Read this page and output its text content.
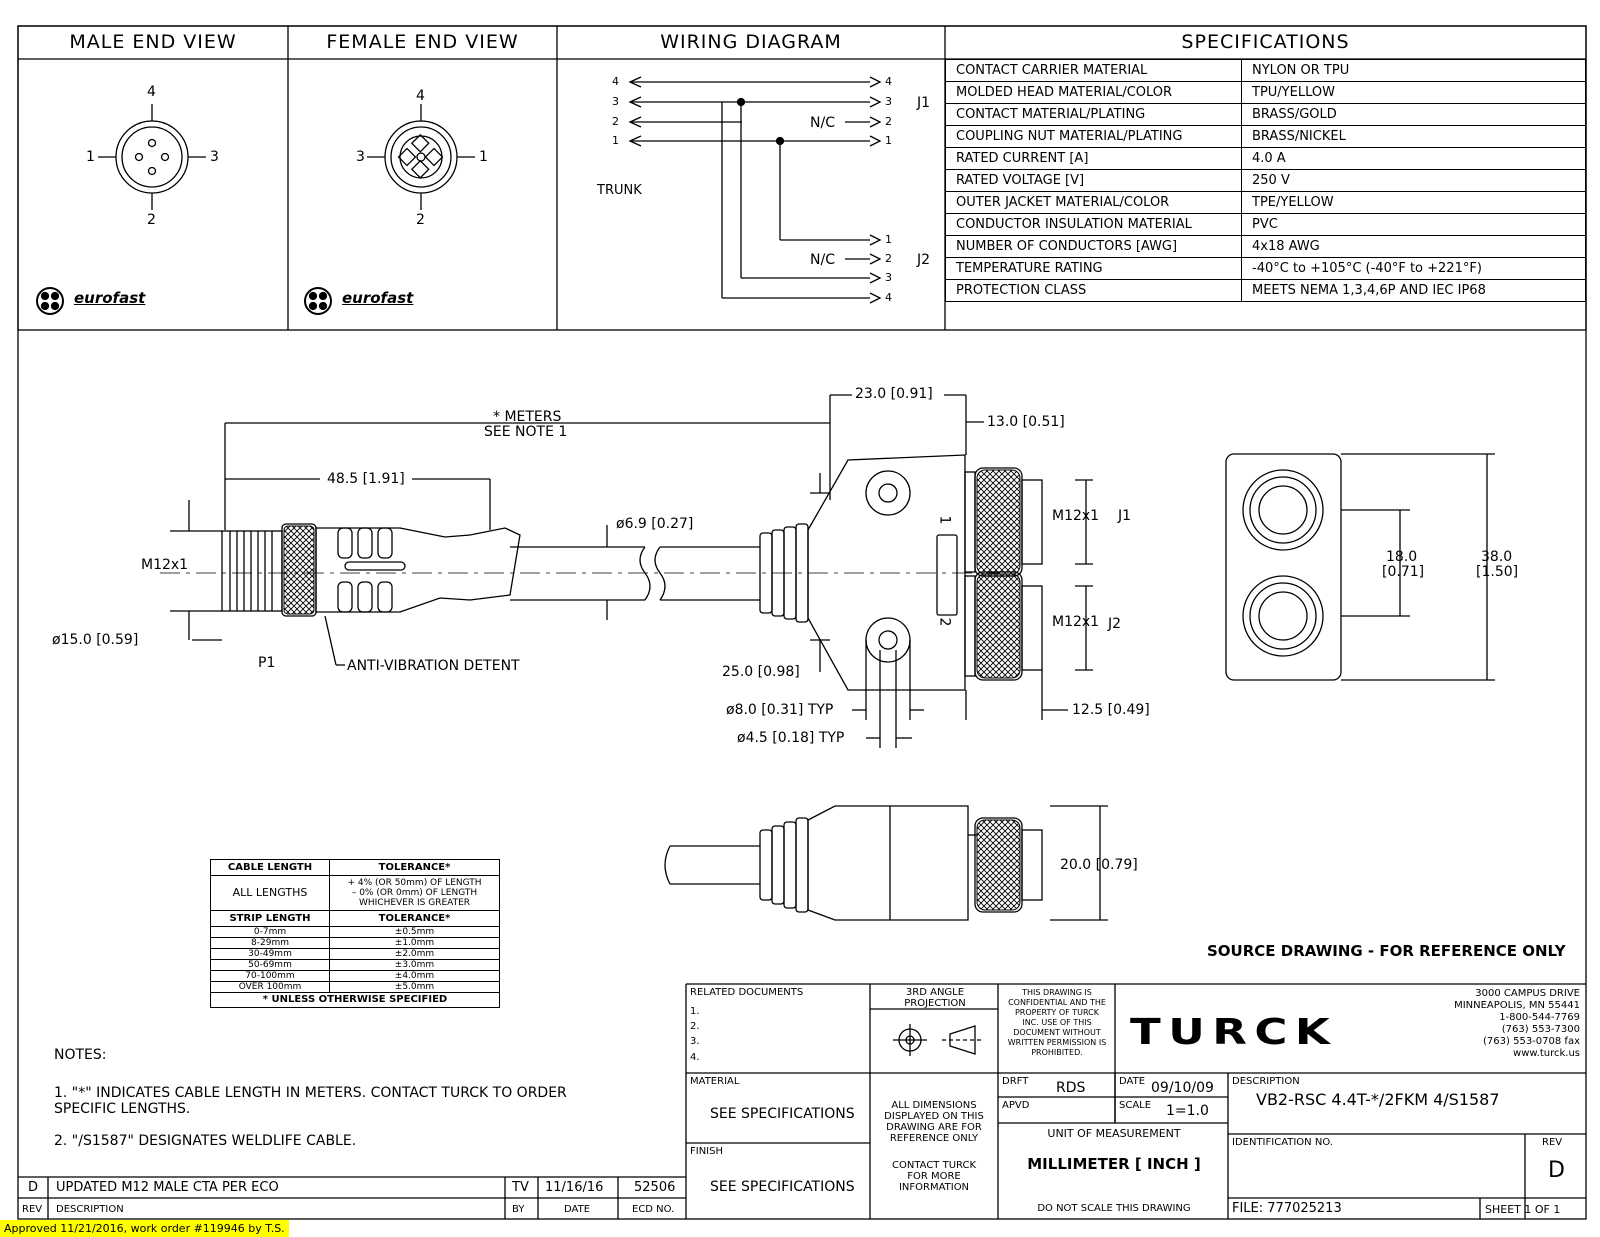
MALE END VIEW	FEMALE END VIEW	WIRING DIAGRAM	SPECIFICATIONS
4
1	3
2
4
3	1
2
eurofast	eurofast
4
3
2
1
4
3
2
1
1
2
3
4
J1
J2
N/C
N/C
TRUNK
CONTACT CARRIER MATERIAL	NYLON OR TPU
MOLDED HEAD MATERIAL/COLOR	TPU/YELLOW
CONTACT MATERIAL/PLATING	BRASS/GOLD
COUPLING NUT MATERIAL/PLATING	BRASS/NICKEL
RATED CURRENT [A]	4.0 A
RATED VOLTAGE [V]	250 V
OUTER JACKET MATERIAL/COLOR	TPE/YELLOW
CONDUCTOR INSULATION MATERIAL	PVC
NUMBER OF CONDUCTORS [AWG]	4x18 AWG
TEMPERATURE RATING	-40°C to +105°C (-40°F to +221°F)
PROTECTION CLASS	MEETS NEMA 1,3,4,6P AND IEC IP68
* METERS
SEE NOTE 1
48.5 [1.91]
23.0 [0.91]
13.0 [0.51]
ø6.9 [0.27]
M12x1
M12x1 J1
M12x1 J2
ø15.0 [0.59]
P1	ANTI-VIBRATION DETENT	25.0 [0.98]
ø8.0 [0.31] TYP
ø4.5 [0.18] TYP
12.5 [0.49]
18.0
[0.71]
38.0
[1.50]
20.0 [0.79]
1
2
CABLE LENGTH	TOLERANCE*
ALL LENGTHS	+ 4% (OR 50mm) OF LENGTH
– 0% (OR 0mm) OF LENGTH
WHICHEVER IS GREATER

STRIP LENGTH	TOLERANCE*
0-7mm	±0.5mm
8-29mm	±1.0mm
30-49mm	±2.0mm
50-69mm	±3.0mm
70-100mm	±4.0mm
OVER 100mm	±5.0mm
* UNLESS OTHERWISE SPECIFIED	
SOURCE DRAWING - FOR REFERENCE ONLY
NOTES:
1. "*" INDICATES CABLE LENGTH IN METERS. CONTACT TURCK TO ORDER
SPECIFIC LENGTHS.
2. "/S1587" DESIGNATES WELDLIFE CABLE.
D UPDATED M12 MALE CTA PER ECO	TV 11/16/16 52506
REV DESCRIPTION	BY	DATE	ECD NO.
RELATED DOCUMENTS
1.
2.
3.
4.
3RD ANGLE PROJECTION
THIS DRAWING IS
CONFIDENTIAL AND THE
PROPERTY OF TURCK
INC. USE OF THIS
DOCUMENT WITHOUT
WRITTEN PERMISSION IS
PROHIBITED.	TURCK
3000 CAMPUS DRIVE
MINNEAPOLIS, MN 55441
1-800-544-7769
(763) 553-7300
(763) 553-0708 fax
www.turck.us
MATERIAL
SEE SPECIFICATIONS
FINISH
SEE SPECIFICATIONS
ALL DIMENSIONS
DISPLAYED ON THIS
DRAWING ARE FOR
REFERENCE ONLY
CONTACT TURCK
FOR MORE
INFORMATION
DRFT RDS	DATE 09/10/09
APVD	SCALE 1=1.0
UNIT OF MEASUREMENT
MILLIMETER [ INCH ]
DO NOT SCALE THIS DRAWING
DESCRIPTION
VB2-RSC 4.4T-*/2FKM 4/S1587
IDENTIFICATION NO.	REV
D
FILE: 777025213	SHEET 1 OF 1
Approved 11/21/2016, work order #119946 by T.S.
